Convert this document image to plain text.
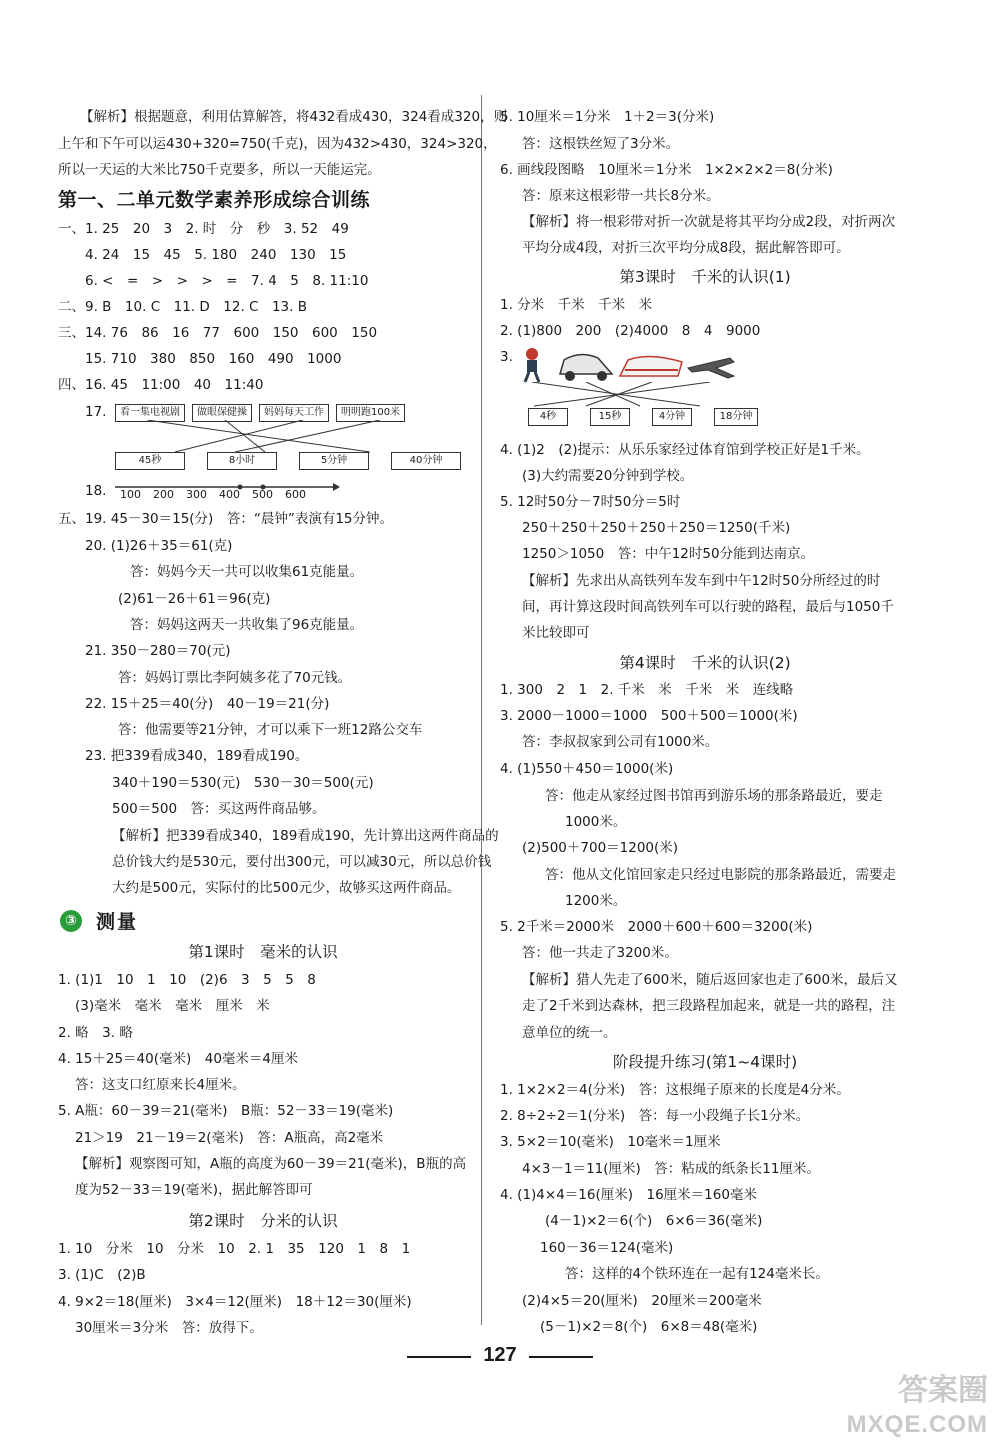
【解析】根据题意，利用估算解答，将432看成430，324看成320，则
上午和下午可以运430+320=750(千克)，因为432>430，324>320，
所以一天运的大米比750千克要多，所以一天能运完。
第一、二单元数学素养形成综合训练
一、1. 25　20　3　2. 时　分　秒　3. 52　49
4. 24　15　45　5. 180　240　130　15
6. <　=　>　>　>　=　7. 4　5　8. 11:10
二、9. B　10. C　11. D　12. C　13. B
三、14. 76　86　16　77　600　150　600　150
15. 710　380　850　160　490　1000
四、16. 45　11:00　40　11:40
17.	看一集电视剧	做眼保健操	妈妈每天工作	明明跑100米
45秒	8小时	5分钟	40分钟
18. 100 200 300 400 500 600
五、19. 45－30＝15(分)　答：“晨钟”表演有15分钟。
20. (1)26＋35＝61(克)
答：妈妈今天一共可以收集61克能量。
(2)61－26＋61＝96(克)
答：妈妈这两天一共收集了96克能量。
21. 350－280＝70(元)
答：妈妈订票比李阿姨多花了70元钱。
22. 15＋25＝40(分)　40－19＝21(分)
答：他需要等21分钟，才可以乘下一班12路公交车
23. 把339看成340，189看成190。
340＋190＝530(元)　530－30＝500(元)
500＝500　答：买这两件商品够。
【解析】把339看成340，189看成190，先计算出这两件商品的
总价钱大约是530元，要付出300元，可以减30元，所以总价钱
大约是500元，实际付的比500元少，故够买这两件商品。
③ 测量
第1课时　毫米的认识
1. (1)1　10　1　10　(2)6　3　5　5　8
(3)毫米　毫米　毫米　厘米　米
2. 略　3. 略
4. 15＋25＝40(毫米)　40毫米＝4厘米
答：这支口红原来长4厘米。
5. A瓶：60－39＝21(毫米)　B瓶：52－33＝19(毫米)
21＞19　21－19＝2(毫米)　答：A瓶高，高2毫米
【解析】观察图可知，A瓶的高度为60－39＝21(毫米)，B瓶的高
度为52－33＝19(毫米)，据此解答即可
第2课时　分米的认识
1. 10　分米　10　分米　10　2. 1　35　120　1　8　1
3. (1)C　(2)B
4. 9×2＝18(厘米)　3×4＝12(厘米)　18＋12＝30(厘米)
30厘米＝3分米　答：放得下。
5. 10厘米＝1分米　1＋2＝3(分米)
答：这根铁丝短了3分米。
6. 画线段图略　10厘米＝1分米　1×2×2×2＝8(分米)
答：原来这根彩带一共长8分米。
【解析】将一根彩带对折一次就是将其平均分成2段，对折两次
平均分成4段，对折三次平均分成8段，据此解答即可。
第3课时　千米的认识(1)
1. 分米　千米　千米　米
2. (1)800　200　(2)4000　8　4　9000
3.
4秒	15秒	4分钟	18分钟
4. (1)2　(2)提示：从乐乐家经过体育馆到学校正好是1千米。
(3)大约需要20分钟到学校。
5. 12时50分－7时50分＝5时
250＋250＋250＋250＋250＝1250(千米)
1250＞1050　答：中午12时50分能到达南京。
【解析】先求出从高铁列车发车到中午12时50分所经过的时
间，再计算这段时间高铁列车可以行驶的路程，最后与1050千
米比较即可
第4课时　千米的认识(2)
1. 300　2　1　2. 千米　米　千米　米　连线略
3. 2000－1000＝1000　500＋500＝1000(米)
答：李叔叔家到公司有1000米。
4. (1)550＋450＝1000(米)
答：他走从家经过图书馆再到游乐场的那条路最近，要走
1000米。
(2)500＋700＝1200(米)
答：他从文化馆回家走只经过电影院的那条路最近，需要走
1200米。
5. 2千米＝2000米　2000＋600＋600＝3200(米)
答：他一共走了3200米。
【解析】猎人先走了600米，随后返回家也走了600米，最后又
走了2千米到达森林，把三段路程加起来，就是一共的路程，注
意单位的统一。
阶段提升练习(第1~4课时)
1. 1×2×2＝4(分米)　答：这根绳子原来的长度是4分米。
2. 8÷2÷2＝1(分米)　答：每一小段绳子长1分米。
3. 5×2＝10(毫米)　10毫米＝1厘米
4×3－1＝11(厘米)　答：粘成的纸条长11厘米。
4. (1)4×4＝16(厘米)　16厘米＝160毫米
(4－1)×2＝6(个)　6×6＝36(毫米)
160－36＝124(毫米)
答：这样的4个铁环连在一起有124毫米长。
(2)4×5＝20(厘米)　20厘米＝200毫米
(5－1)×2＝8(个)　6×8＝48(毫米)
127
答案圈
MXQE.COM
